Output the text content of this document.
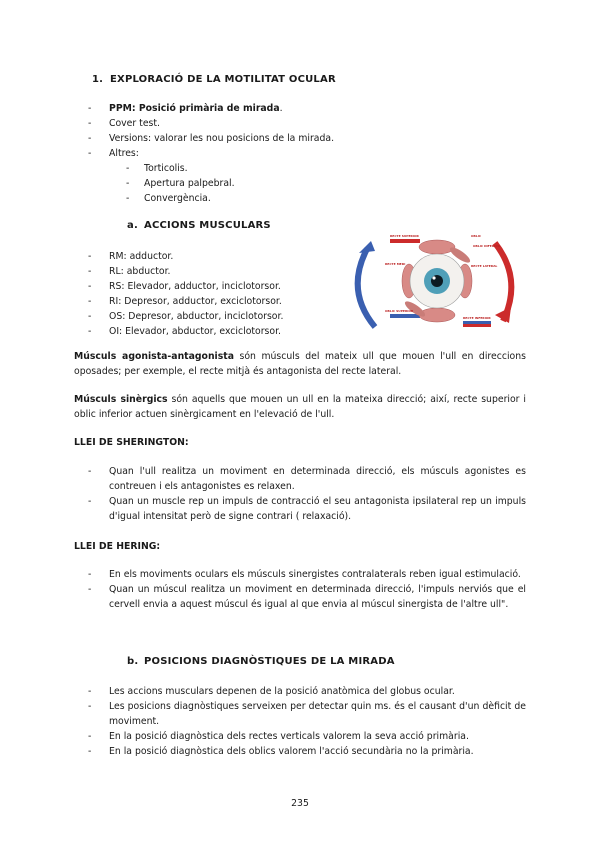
1. EXPLORACIÓ DE LA MOTILITAT OCULAR
- PPM: Posició primària de mirada.
- Cover test.
- Versions: valorar les nou posicions de la mirada.
- Altres:
- Torticolis.
- Apertura palpebral.
- Convergència.
a. ACCIONS MUSCULARS
- RM: adductor.
- RL: abductor.
- RS: Elevador, adductor, inciclotorsor.
- RI: Depresor, adductor, exciclotorsor.
- OS: Depresor, abductor, inciclotorsor.
- OI: Elevador, abductor, exciclotorsor.
RECTE SUPERIOR	OBLIC
OBLIC INFERIOR
RECTE LATERAL
RECTE MEDI
OBLIC SUPERIOR
RECTE INFERIOR
Músculs agonista-antagonista són músculs del mateix ull que mouen l'ull en direccions oposades; per exemple, el recte mitjà és antagonista del recte lateral.
Músculs sinèrgics són aquells que mouen un ull en la mateixa direcció; així, recte superior i oblic inferior actuen sinèrgicament en l'elevació de l'ull.
LLEI DE SHERINGTON:
- Quan l'ull realitza un moviment en determinada direcció, els músculs agonistes es contreuen i els antagonistes es relaxen.
- Quan un muscle rep un impuls de contracció el seu antagonista ipsilateral rep un impuls d'igual intensitat però de signe contrari ( relaxació).
LLEI DE HERING:
- En els moviments oculars els músculs sinergistes contralaterals reben igual estimulació.
- Quan un múscul realitza un moviment en determinada direcció, l'impuls nerviós que el cervell envia a aquest múscul és igual al que envia al múscul sinergista de l'altre ull".
b. POSICIONS DIAGNÒSTIQUES DE LA MIRADA
- Les accions musculars depenen de la posició anatòmica del globus ocular.
- Les posicions diagnòstiques serveixen per detectar quin ms. és el causant d'un dèficit de moviment.
- En la posició diagnòstica dels rectes verticals valorem la seva acció primària.
- En la posició diagnòstica dels oblics valorem l'acció secundària no la primària.
235
